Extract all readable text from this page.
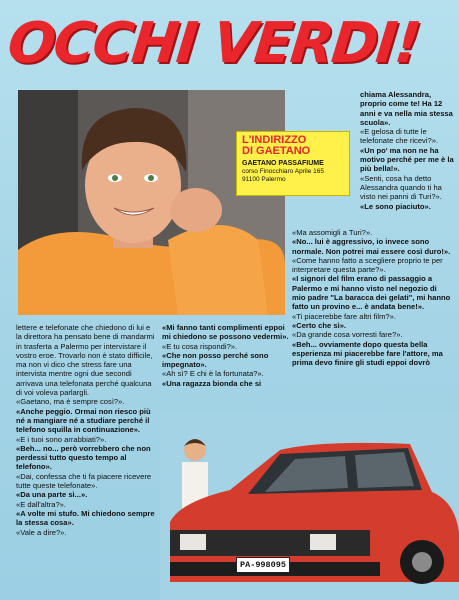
OCCHI VERDI!
L'INDIRIZZO
DI GAETANO
GAETANO PASSAFIUME
corso Finocchiaro Aprile 165
91100 Palermo

chiama Alessandra, proprio come te! Ha 12 anni e va nella mia stessa scuola».

«E gelosa di tutte le telefonate che ricevi?».

«Un po' ma non ne ha motivo perché per me è la più bella!».

«Senti, cosa ha detto Alessandra quando ti ha visto nei panni di Turi?».

«Le sono piaciuto».

«Ma assomigli a Turi?».

«No... lui è aggressivo, io invece sono normale. Non potrei mai essere così duro!».

«Come hanno fatto a scegliere proprio te per interpretare questa parte?».

«I signori del film erano di passaggio a Palermo e mi hanno visto nel negozio di mio padre "La baracca dei gelati", mi hanno fatto un provino e... è andata bene!».

«Ti piacerebbe fare altri film?».

«Certo che sì».

«Da grande cosa vorresti fare?».

«Beh... ovviamente dopo questa bella esperienza mi piacerebbe fare l'attore, ma prima devo finire gli studi eppoi dovrò

lettere e telefonate che chiedono di lui e la direttora ha pensato bene di mandarmi in trasferta a Palermo per intervistare il vostro eroe. Trovarlo non è stato difficile, ma non vi dico che stress fare una intervista mentre ogni due secondi arrivava una telefonata perché qualcuna di voi voleva parlargli.

«Gaetano, ma è sempre così?».

«Anche peggio. Ormai non riesco più né a mangiare né a studiare perché il telefono squilla in continuazione».

«E i tuoi sono arrabbiati?».

«Beh... no... però vorrebbero che non perdessi tutto questo tempo al telefono».

«Dai, confessa che ti fa piacere ricevere tutte queste telefonate».

«Da una parte sì...».

«E dall'altra?».

«A volte mi stufo. Mi chiedono sempre la stessa cosa».

«Vale a dire?».

«Mi fanno tanti complimenti eppoi mi chiedono se possono vedermi».

«E tu cosa rispondi?».

«Che non posso perché sono impegnato».

«Ah sì? E chi è la fortunata?».

«Una ragazza bionda che si

PA-998095
